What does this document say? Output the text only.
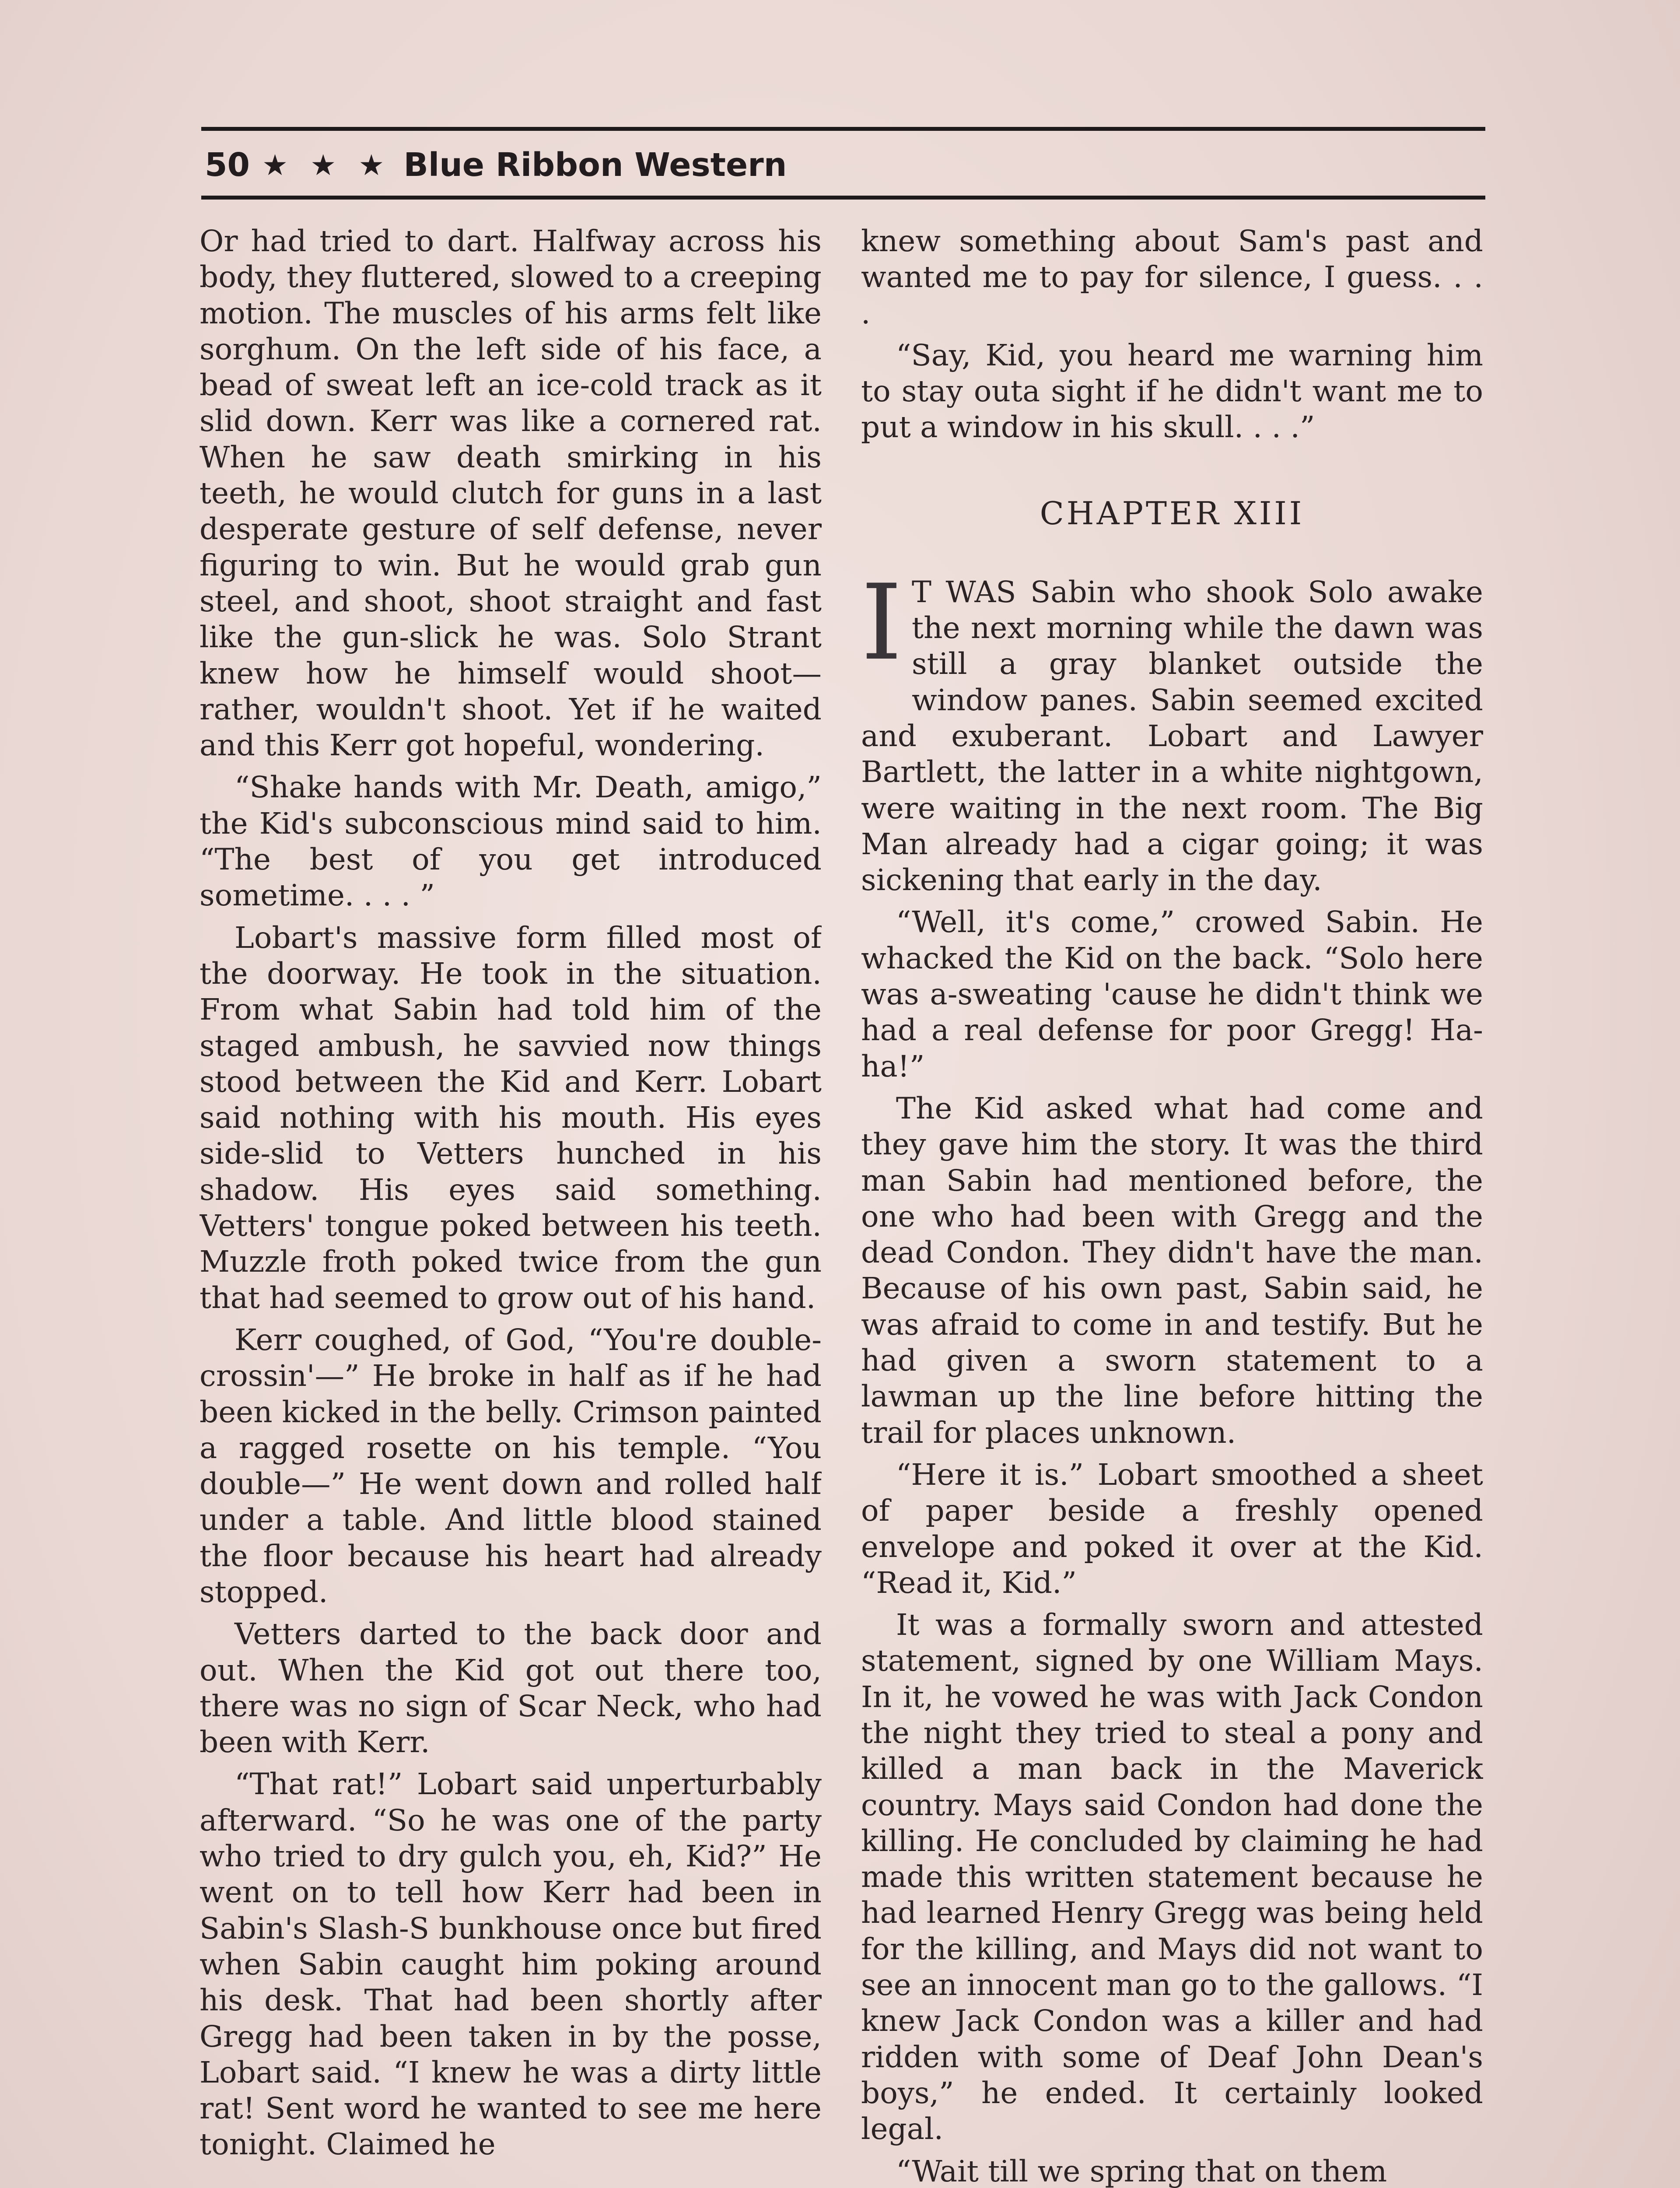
50 ★ ★ ★ Blue Ribbon Western

Or had tried to dart. Halfway across his body, they fluttered, slowed to a creeping motion. The muscles of his arms felt like sorghum. On the left side of his face, a bead of sweat left an ice-cold track as it slid down. Kerr was like a cornered rat. When he saw death smirking in his teeth, he would clutch for guns in a last desperate gesture of self defense, never figuring to win. But he would grab gun steel, and shoot, shoot straight and fast like the gun-slick he was. Solo Strant knew how he himself would shoot—rather, wouldn't shoot. Yet if he waited and this Kerr got hopeful, wondering.

“Shake hands with Mr. Death, amigo,” the Kid's subconscious mind said to him. “The best of you get introduced sometime. . . . ”

Lobart's massive form filled most of the doorway. He took in the situation. From what Sabin had told him of the staged ambush, he savvied now things stood between the Kid and Kerr. Lobart said nothing with his mouth. His eyes side-slid to Vetters hunched in his shadow. His eyes said something. Vetters' tongue poked between his teeth. Muzzle froth poked twice from the gun that had seemed to grow out of his hand.

Kerr coughed, of God, “You're double-crossin'—” He broke in half as if he had been kicked in the belly. Crimson painted a ragged rosette on his temple. “You double—” He went down and rolled half under a table. And little blood stained the floor because his heart had already stopped.

Vetters darted to the back door and out. When the Kid got out there too, there was no sign of Scar Neck, who had been with Kerr.

“That rat!” Lobart said unperturbably afterward. “So he was one of the party who tried to dry gulch you, eh, Kid?” He went on to tell how Kerr had been in Sabin's Slash-S bunkhouse once but fired when Sabin caught him poking around his desk. That had been shortly after Gregg had been taken in by the posse, Lobart said. “I knew he was a dirty little rat! Sent word he wanted to see me here tonight. Claimed he

knew something about Sam's past and wanted me to pay for silence, I guess. . . .

“Say, Kid, you heard me warning him to stay outa sight if he didn't want me to put a window in his skull. . . .”

CHAPTER XIII

I T WAS Sabin who shook Solo awake the next morning while the dawn was still a gray blanket outside the window panes. Sabin seemed excited and exuberant. Lobart and Lawyer Bartlett, the latter in a white nightgown, were waiting in the next room. The Big Man already had a cigar going; it was sickening that early in the day.

“Well, it's come,” crowed Sabin. He whacked the Kid on the back. “Solo here was a-sweating 'cause he didn't think we had a real defense for poor Gregg! Ha-ha!”

The Kid asked what had come and they gave him the story. It was the third man Sabin had mentioned before, the one who had been with Gregg and the dead Condon. They didn't have the man. Because of his own past, Sabin said, he was afraid to come in and testify. But he had given a sworn statement to a lawman up the line before hitting the trail for places unknown.

“Here it is.” Lobart smoothed a sheet of paper beside a freshly opened envelope and poked it over at the Kid. “Read it, Kid.”

It was a formally sworn and attested statement, signed by one William Mays. In it, he vowed he was with Jack Condon the night they tried to steal a pony and killed a man back in the Maverick country. Mays said Condon had done the killing. He concluded by claiming he had made this written statement because he had learned Henry Gregg was being held for the killing, and Mays did not want to see an innocent man go to the gallows. “I knew Jack Condon was a killer and had ridden with some of Deaf John Dean's boys,” he ended. It certainly looked legal.

“Wait till we spring that on them
